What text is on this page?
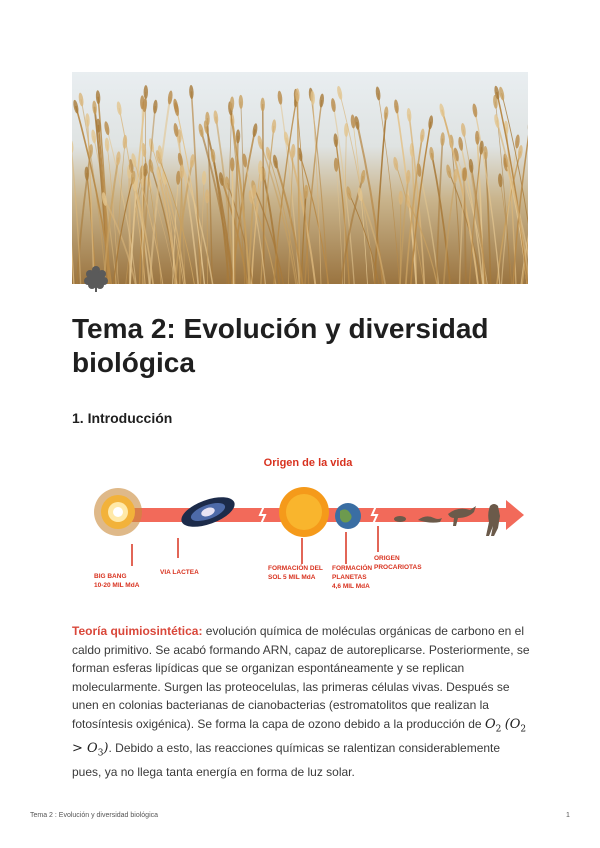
Tema 2: Evolución y diversidad biológica
1. Introducción
Origen de la vida
BIG BANG
10-20 MIL MdA
VIA LACTEA
FORMACIÓN DEL
SOL 5 MIL MdA
FORMACIÓN
PLANETAS
4,6 MIL MdA
ORIGEN
PROCARIOTAS

Teoría quimiosintética: evolución química de moléculas orgánicas de carbono en el caldo primitivo. Se acabó formando ARN, capaz de autoreplicarse. Posteriormente, se forman esferas lipídicas que se organizan espontáneamente y se replican molecularmente. Surgen las proteocelulas, las primeras células vivas. Después se unen en colonias bacterianas de cianobacterias (estromatolitos que realizan la fotosíntesis oxigénica). Se forma la capa de ozono debido a la producción de $O_2$ $(O_2 > O_3)$. Debido a esto, las reacciones químicas se ralentizan considerablemente pues, ya no llega tanta energía en forma de luz solar.

Tema 2 : Evolución y diversidad biológica	1
